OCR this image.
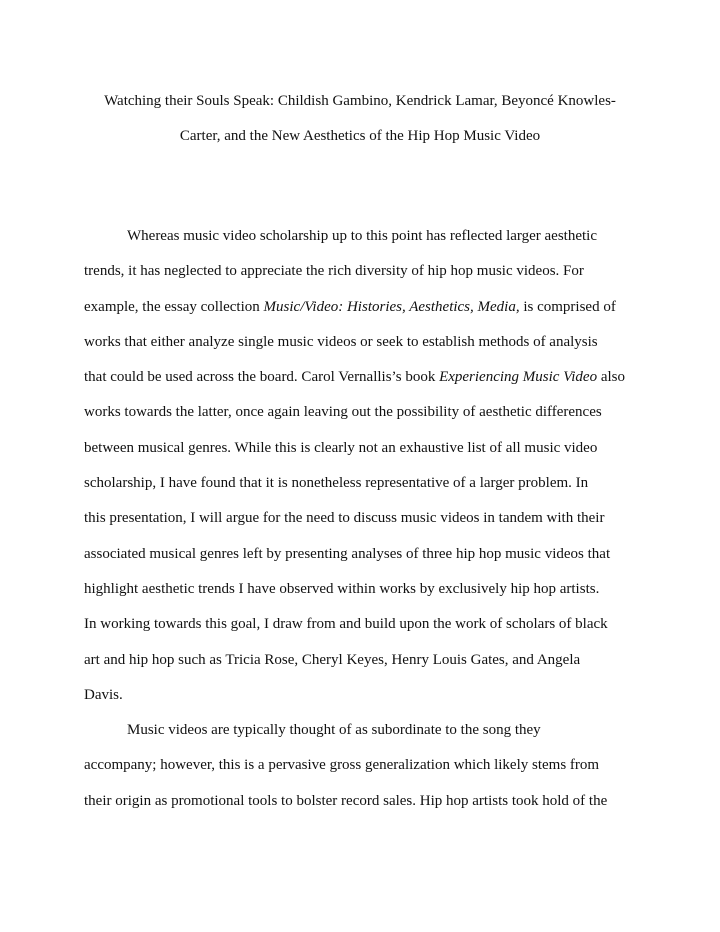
Watching their Souls Speak: Childish Gambino, Kendrick Lamar, Beyoncé Knowles-
Carter, and the New Aesthetics of the Hip Hop Music Video
Whereas music video scholarship up to this point has reflected larger aesthetic
trends, it has neglected to appreciate the rich diversity of hip hop music videos. For
example, the essay collection Music/Video: Histories, Aesthetics, Media, is comprised of
works that either analyze single music videos or seek to establish methods of analysis
that could be used across the board. Carol Vernallis’s book Experiencing Music Video also
works towards the latter, once again leaving out the possibility of aesthetic differences
between musical genres. While this is clearly not an exhaustive list of all music video
scholarship, I have found that it is nonetheless representative of a larger problem. In
this presentation, I will argue for the need to discuss music videos in tandem with their
associated musical genres left by presenting analyses of three hip hop music videos that
highlight aesthetic trends I have observed within works by exclusively hip hop artists.
In working towards this goal, I draw from and build upon the work of scholars of black
art and hip hop such as Tricia Rose, Cheryl Keyes, Henry Louis Gates, and Angela
Davis.
Music videos are typically thought of as subordinate to the song they
accompany; however, this is a pervasive gross generalization which likely stems from
their origin as promotional tools to bolster record sales. Hip hop artists took hold of the
